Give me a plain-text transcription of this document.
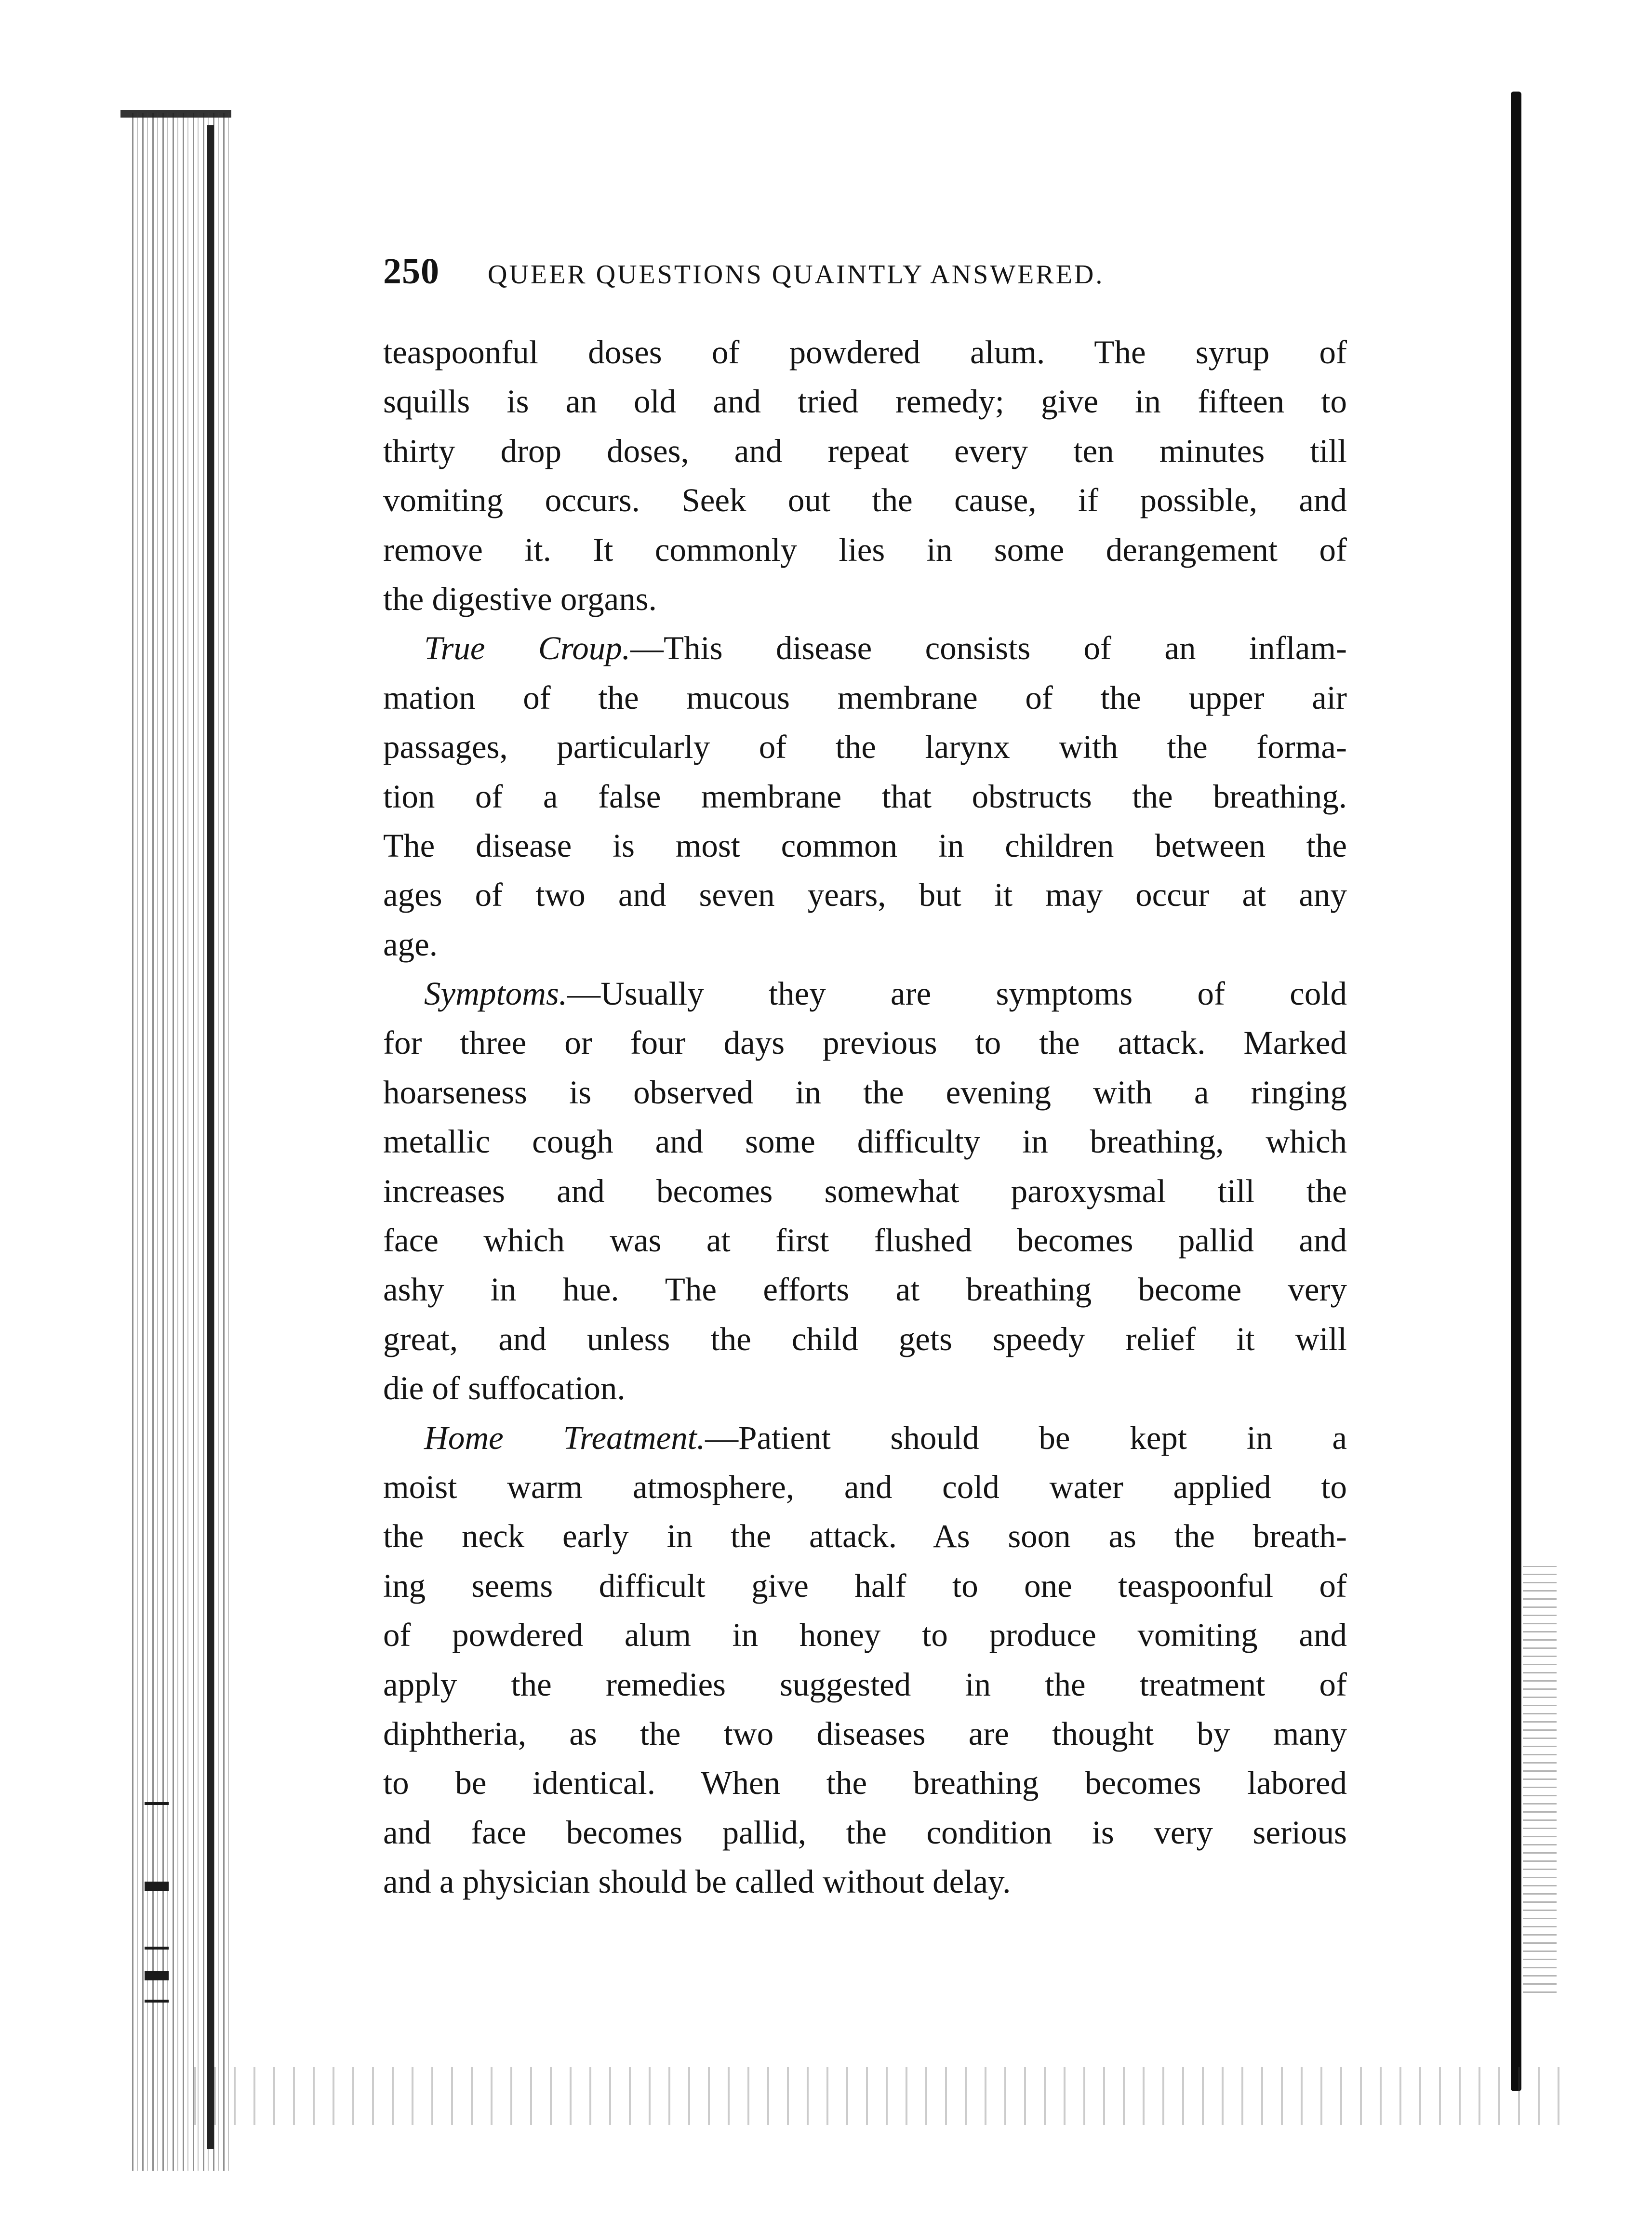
250 QUEER QUESTIONS QUAINTLY ANSWERED.
teaspoonful doses of powdered alum. The syrup of
squills is an old and tried remedy; give in fifteen to
thirty drop doses, and repeat every ten minutes till
vomiting occurs. Seek out the cause, if possible, and
remove it. It commonly lies in some derangement of
the digestive organs.
True Croup.—This disease consists of an inflam-
mation of the mucous membrane of the upper air
passages, particularly of the larynx with the forma-
tion of a false membrane that obstructs the breathing.
The disease is most common in children between the
ages of two and seven years, but it may occur at any
age.
Symptoms.—Usually they are symptoms of cold
for three or four days previous to the attack. Marked
hoarseness is observed in the evening with a ringing
metallic cough and some difficulty in breathing, which
increases and becomes somewhat paroxysmal till the
face which was at first flushed becomes pallid and
ashy in hue. The efforts at breathing become very
great, and unless the child gets speedy relief it will
die of suffocation.
Home Treatment.—Patient should be kept in a
moist warm atmosphere, and cold water applied to
the neck early in the attack. As soon as the breath-
ing seems difficult give half to one teaspoonful of
of powdered alum in honey to produce vomiting and
apply the remedies suggested in the treatment of
diphtheria, as the two diseases are thought by many
to be identical. When the breathing becomes labored
and face becomes pallid, the condition is very serious
and a physician should be called without delay.
